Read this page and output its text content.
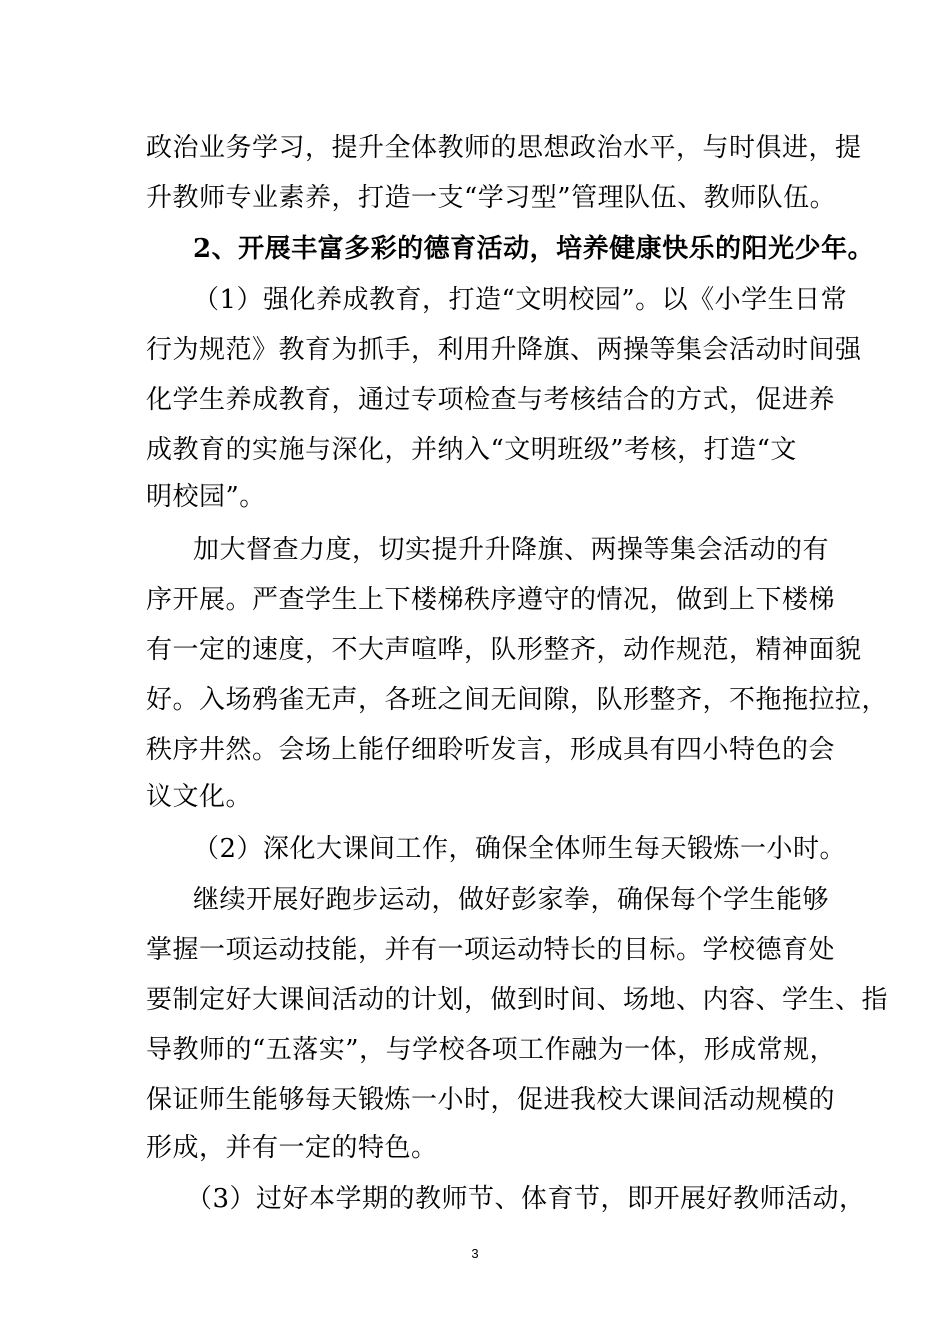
政治业务学习，提升全体教师的思想政治水平，与时俱进，提
升教师专业素养，打造一支“学习型”管理队伍、教师队伍。
2、开展丰富多彩的德育活动，培养健康快乐的阳光少年。
（1）强化养成教育，打造“文明校园”。以《小学生日常
行为规范》教育为抓手，利用升降旗、两操等集会活动时间强
化学生养成教育，通过专项检查与考核结合的方式，促进养
成教育的实施与深化，并纳入“文明班级”考核，打造“文
明校园”。
加大督查力度，切实提升升降旗、两操等集会活动的有
序开展。严查学生上下楼梯秩序遵守的情况，做到上下楼梯
有一定的速度，不大声喧哗，队形整齐，动作规范，精神面貌
好。入场鸦雀无声，各班之间无间隙，队形整齐，不拖拖拉拉，
秩序井然。会场上能仔细聆听发言，形成具有四小特色的会
议文化。
（2）深化大课间工作，确保全体师生每天锻炼一小时。
继续开展好跑步运动，做好彭家拳，确保每个学生能够
掌握一项运动技能，并有一项运动特长的目标。学校德育处
要制定好大课间活动的计划，做到时间、场地、内容、学生、指
导教师的“五落实”，与学校各项工作融为一体，形成常规，
保证师生能够每天锻炼一小时，促进我校大课间活动规模的
形成，并有一定的特色。
（3）过好本学期的教师节、体育节，即开展好教师活动，
3
